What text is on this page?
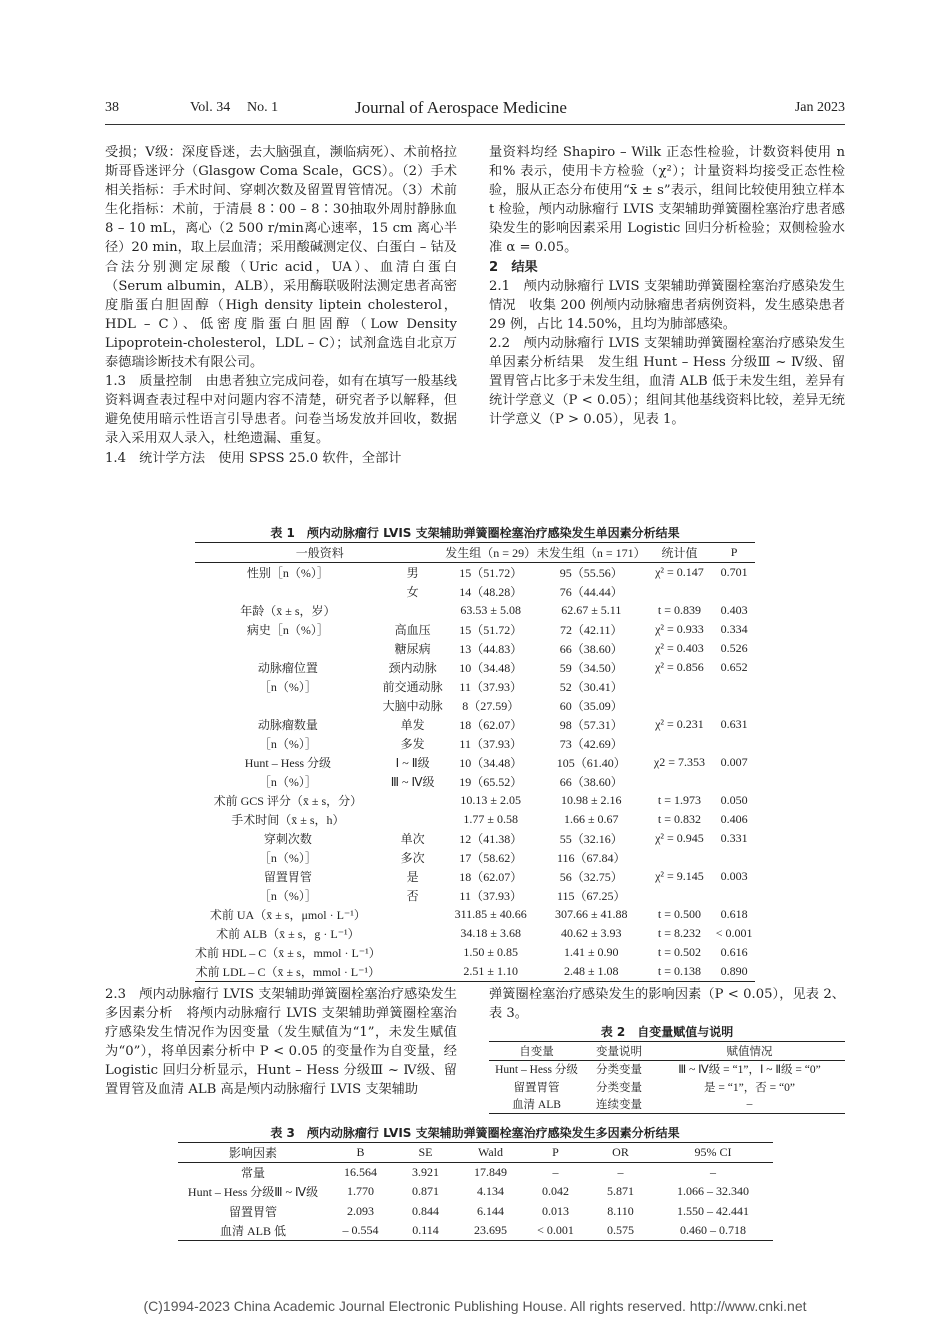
38	Vol. 34 No. 1	Journal of Aerospace Medicine	Jan 2023

受损；Ⅴ级：深度昏迷，去大脑强直，濒临病死）、术前格拉斯哥昏迷评分（Glasgow Coma Scale，GCS）。（2）手术相关指标：手术时间、穿刺次数及留置胃管情况。（3）术前生化指标：术前，于清晨 8∶00 – 8∶30抽取外周肘静脉血 8 – 10 mL，离心（2 500 r/min离心速率，15 cm 离心半径）20 min，取上层血清；采用酸碱测定仪、白蛋白 – 钴及合法分别测定尿酸（Uric acid，UA）、血清白蛋白（Serum albumin，ALB），采用酶联吸附法测定患者高密度脂蛋白胆固醇（High density liptein cholesterol，HDL – C）、低密度脂蛋白胆固醇（Low Density Lipoprotein-cholesterol，LDL – C）；试剂盒选自北京万泰德瑞诊断技术有限公司。

1.3　质量控制　由患者独立完成问卷，如有在填写一般基线资料调查表过程中对问题内容不清楚，研究者予以解释，但避免使用暗示性语言引导患者。问卷当场发放并回收，数据录入采用双人录入，杜绝遗漏、重复。

1.4　统计学方法　使用 SPSS 25.0 软件，全部计

量资料均经 Shapiro – Wilk 正态性检验，计数资料使用 n 和% 表示，使用卡方检验（χ²）；计量资料均接受正态性检验，服从正态分布使用“x̄ ± s”表示，组间比较使用独立样本 t 检验，颅内动脉瘤行 LVIS 支架辅助弹簧圈栓塞治疗患者感染发生的影响因素采用 Logistic 回归分析检验；双侧检验水准 α = 0.05。

2　结果

2.1　颅内动脉瘤行 LVIS 支架辅助弹簧圈栓塞治疗感染发生情况　收集 200 例颅内动脉瘤患者病例资料，发生感染患者 29 例，占比 14.50%，且均为肺部感染。

2.2　颅内动脉瘤行 LVIS 支架辅助弹簧圈栓塞治疗感染发生单因素分析结果　发生组 Hunt – Hess 分级Ⅲ ~ Ⅳ级、留置胃管占比多于未发生组，血清 ALB 低于未发生组，差异有统计学意义（P < 0.05）；组间其他基线资料比较，差异无统计学意义（P > 0.05），见表 1。

表 1　颅内动脉瘤行 LVIS 支架辅助弹簧圈栓塞治疗感染发生单因素分析结果
一般资料		发生组（n = 29）	未发生组（n = 171）	统计值	P
性别［n（%）］	男	15（51.72）	95（55.56）	χ² = 0.147	0.701
	女	14（48.28）	76（44.44）		
年龄（x̄ ± s，岁）		63.53 ± 5.08	62.67 ± 5.11	t = 0.839	0.403
病史［n（%）］	高血压	15（51.72）	72（42.11）	χ² = 0.933	0.334
	糖尿病	13（44.83）	66（38.60）	χ² = 0.403	0.526
动脉瘤位置	颈内动脉	10（34.48）	59（34.50）	χ² = 0.856	0.652
［n（%）］	前交通动脉	11（37.93）	52（30.41）		
	大脑中动脉	8（27.59）	60（35.09）		
动脉瘤数量	单发	18（62.07）	98（57.31）	χ² = 0.231	0.631
［n（%）］	多发	11（37.93）	73（42.69）		
Hunt – Hess 分级	Ⅰ ~ Ⅱ级	10（34.48）	105（61.40）	χ2 = 7.353	0.007
［n（%）］	Ⅲ ~ Ⅳ级	19（65.52）	66（38.60）		
术前 GCS 评分（x̄ ± s，分）		10.13 ± 2.05	10.98 ± 2.16	t = 1.973	0.050
手术时间（x̄ ± s，h）		1.77 ± 0.58	1.66 ± 0.67	t = 0.832	0.406
穿刺次数	单次	12（41.38）	55（32.16）	χ² = 0.945	0.331
［n（%）］	多次	17（58.62）	116（67.84）		
留置胃管	是	18（62.07）	56（32.75）	χ² = 9.145	0.003
［n（%）］	否	11（37.93）	115（67.25）		
术前 UA（x̄ ± s，μmol · L⁻¹）		311.85 ± 40.66	307.66 ± 41.88	t = 0.500	0.618
术前 ALB（x̄ ± s，g · L⁻¹）		34.18 ± 3.68	40.62 ± 3.93	t = 8.232	< 0.001
术前 HDL – C（x̄ ± s，mmol · L⁻¹）		1.50 ± 0.85	1.41 ± 0.90	t = 0.502	0.616
术前 LDL – C（x̄ ± s，mmol · L⁻¹）		2.51 ± 1.10	2.48 ± 1.08	t = 0.138	0.890

2.3　颅内动脉瘤行 LVIS 支架辅助弹簧圈栓塞治疗感染发生多因素分析　将颅内动脉瘤行 LVIS 支架辅助弹簧圈栓塞治疗感染发生情况作为因变量（发生赋值为“1”，未发生赋值为“0”），将单因素分析中 P < 0.05 的变量作为自变量，经 Logistic 回归分析显示，Hunt – Hess 分级Ⅲ ~ Ⅳ级、留置胃管及血清 ALB 高是颅内动脉瘤行 LVIS 支架辅助

弹簧圈栓塞治疗感染发生的影响因素（P < 0.05），见表 2、表 3。

表 2　自变量赋值与说明
自变量	变量说明	赋值情况
Hunt – Hess 分级	分类变量	Ⅲ ~ Ⅳ级 = “1”，Ⅰ ~ Ⅱ级 = “0”
留置胃管	分类变量	是 = “1”，否 = “0”
血清 ALB	连续变量	–
表 3　颅内动脉瘤行 LVIS 支架辅助弹簧圈栓塞治疗感染发生多因素分析结果
影响因素	B	SE	Wald	P	OR	95% CI
常量	16.564	3.921	17.849	–	–	–
Hunt – Hess 分级Ⅲ ~ Ⅳ级	1.770	0.871	4.134	0.042	5.871	1.066 – 32.340
留置胃管	2.093	0.844	6.144	0.013	8.110	1.550 – 42.441
血清 ALB 低	– 0.554	0.114	23.695	< 0.001	0.575	0.460 – 0.718
(C)1994-2023 China Academic Journal Electronic Publishing House. All rights reserved. http://www.cnki.net
